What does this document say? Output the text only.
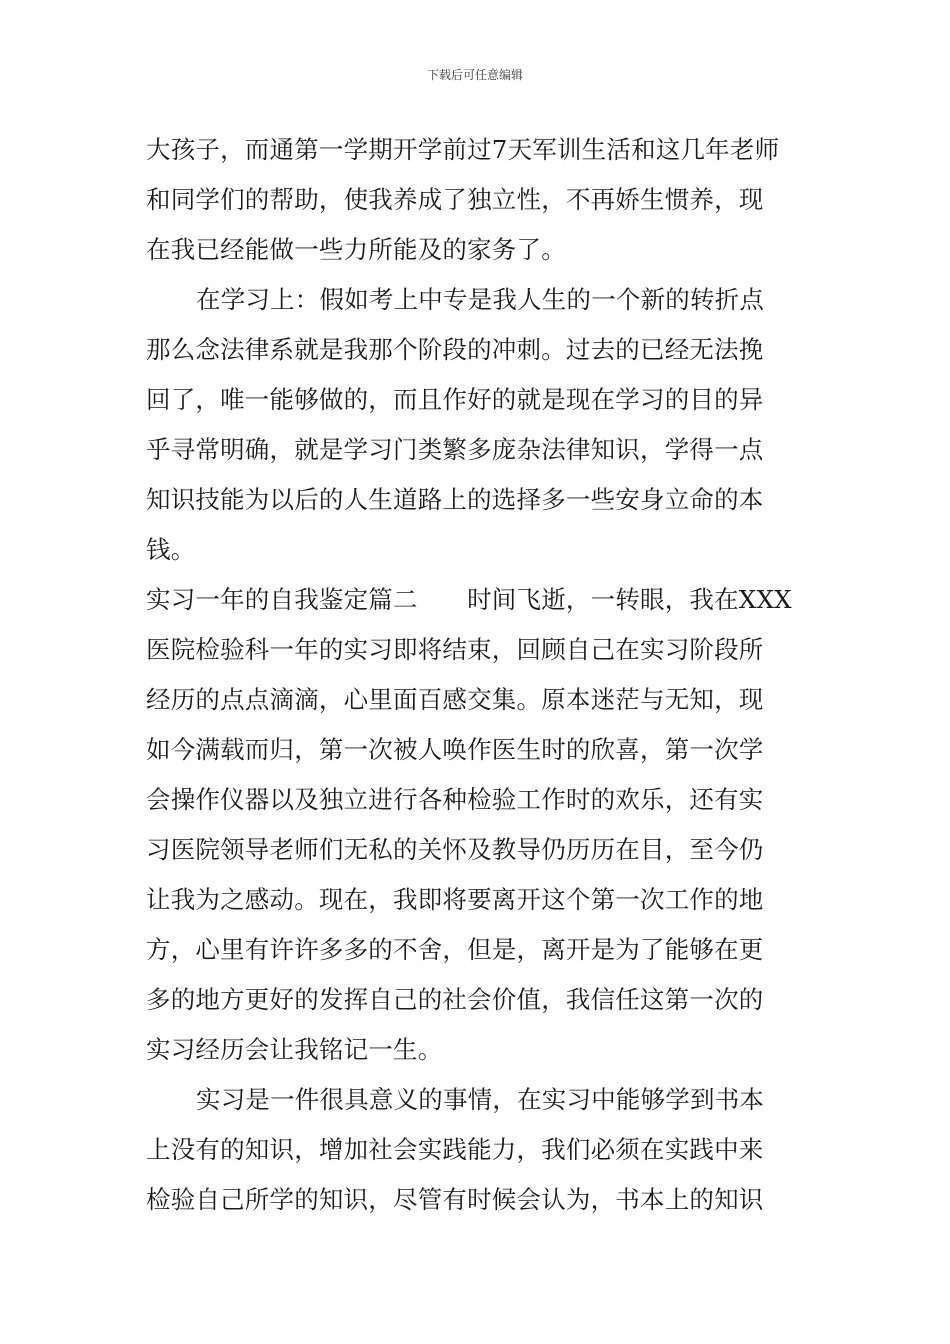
下载后可任意编辑
大孩子，而通第一学期开学前过7天军训生活和这几年老师
和同学们的帮助，使我养成了独立性，不再娇生惯养，现
在我已经能做一些力所能及的家务了。
在学习上：假如考上中专是我人生的一个新的转折点
那么念法律系就是我那个阶段的冲刺。过去的已经无法挽
回了，唯一能够做的，而且作好的就是现在学习的目的异
乎寻常明确，就是学习门类繁多庞杂法律知识，学得一点
知识技能为以后的人生道路上的选择多一些安身立命的本
钱。
实习一年的自我鉴定篇二　　时间飞逝，一转眼，我在XXX
医院检验科一年的实习即将结束，回顾自己在实习阶段所
经历的点点滴滴，心里面百感交集。原本迷茫与无知，现
如今满载而归，第一次被人唤作医生时的欣喜，第一次学
会操作仪器以及独立进行各种检验工作时的欢乐，还有实
习医院领导老师们无私的关怀及教导仍历历在目，至今仍
让我为之感动。现在，我即将要离开这个第一次工作的地
方，心里有许许多多的不舍，但是，离开是为了能够在更
多的地方更好的发挥自己的社会价值，我信任这第一次的
实习经历会让我铭记一生。
实习是一件很具意义的事情，在实习中能够学到书本
上没有的知识，增加社会实践能力，我们必须在实践中来
检验自己所学的知识，尽管有时候会认为，书本上的知识
